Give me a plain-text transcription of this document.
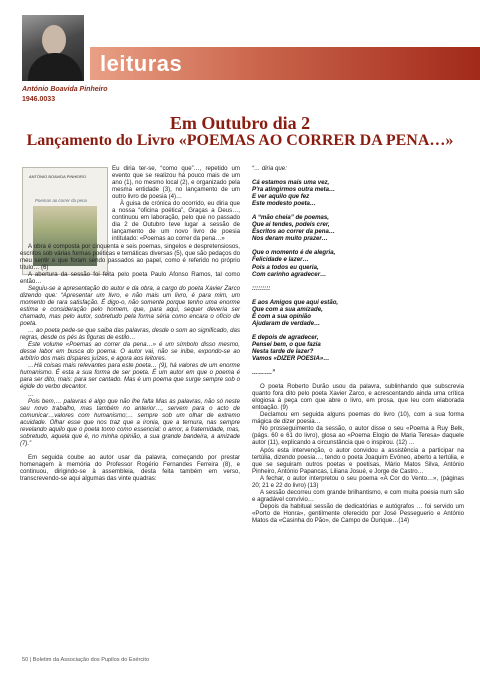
leituras
António Boavida Pinheiro
1946.0033
Em Outubro dia 2
Lançamento do Livro «POEMAS AO CORRER DA PENA…»
ANTÓNIO BOAVIDA PINHEIRO
Poemas ao correr da pena

Eu diria ter-se, “como que”…, repetido um evento que se realizou há pouco mais de um ano (1), no mesmo local (2), e organizado pela mesma entidade (3), no lançamento de um outro livro de poesia (4)…

À guisa de crónica do ocorrido, eu diria que a nossa “oficina poética”, Graças a Deus…, continuou em laboração, pelo que no passado dia 2 de Outubro teve lugar a sessão de lançamento de um novo livro de poesia intitulado: «Poemas ao correr da pena…»

A obra é composta por cinquenta e seis poemas, singelos e despretensiosos, escritos sob várias formas poéticas e temáticas diversas (5), que são pedaços do meu sentir e que foram sendo passados ao papel, como é referido no próprio título… (6)

A abertura da sessão foi feita pelo poeta Paulo Afonso Ramos, tal como então…

Seguiu-se a apresentação do autor e da obra, a cargo do poeta Xavier Zarco dizendo que: “Apresentar um livro, e não mais um livro, é para mim, um momento de rara satisfação. É digo-o, não somente porque tenho uma enorme estima e consideração pelo homem, que, para aqui, sequer deveria ser chamado, mas pelo autor, sobretudo pela forma séria como encara o ofício de poeta.

… ao poeta pede-se que saiba das palavras, desde o som ao significado, das regras, desde os pés às figuras de estilo…

Este volume «Poemas ao correr da pena…» é um símbolo disso mesmo, desse labor em busca do poema. O autor vai, não se inibe, expondo-se ao arbítrio dos mais díspares juízes, e agora aos leitores.

…Há coisas mais relevantes para este poeta… (9), há valores de um enorme humanismo. É esta a sua forma de ser poeta. É um autor em que o poema é para ser dito, mais: para ser cantado. Mas é um poema que surge sempre sob o égide do verbo decantor.

…

Pois bem,… palavras é algo que não lhe falta Mas as palavras, não só neste seu novo trabalho, mas também no anterior…, servem para o acto de comunicar…valores com humanismo;… sempre sob um olhar de extremo acuidade. Olhar esse que nos traz que a ironia, que a ternura, nas sempre revelando aquilo que o poeta tomo como essencial: o amor, a fraternidade, mas, sobretudo, aquela que é, no minha opinião, a sua grande bandeira, a amizade (7).”

Em seguida coube ao autor usar da palavra, começando por prestar homenagem à memória do Professor Rogério Fernandes Ferreira (8), e continuou, dirigindo-se à assembleia, desta feita também em verso, transcrevendo-se aqui algumas das vinte quadras:

“… diria que:

Cá estamos mais uma vez,
P'ra atingirmos outra meta…
E ver aquilo que fez
Este modesto poeta…

A “mão cheia” de poemas,
Que aí tendes, podeis crer,
Escritos ao correr da pena…
Nos deram muito prazer…

Que o momento é de alegria,
Felicidade e lazer…
Pois a todos eu queria,
Com carinho agradecer…

:::::::::

E aos Amigos que aqui estão,
Que com a sua amizade,
E com a sua opinião
Ajudaram de verdade…

E depois de agradecer,
Pensei bem, o que fazia
Nesta tarde de lazer?
Vamos «DIZER POESIA»…

……….”

O poeta Roberto Durão usou da palavra, sublinhando que subscrevia quanto fora dito pelo poeta Xavier Zarco, e acrescentando ainda uma crítica elogiosa à peça com que abre o livro, em prosa, que leu com elaborada entoação. (9)

Declamou em seguida alguns poemas do livro (10), com a sua forma mágica de dizer poesia…

No prosseguimento da sessão, o autor disse o seu «Poema a Ruy Belk, (págs. 60 e 61 do livro), glosa ao «Poema Elogio de Maria Teresa» daquele autor (11), explicando a circunstância que o inspirou. (12) …

Após esta intervenção, o autor convidou a assistência a participar na tertúlia, dizendo poesia…, tendo o poeta Joaquim Evóneo, aberto a tertúlia, e que se seguiram outros poetas e poetisas, Mário Matos Silva, António Pinheiro, António Papancas, Liliana Josué, e Jorge de Castro…

A fechar, o autor interpretou o seu poema «A Cor do Vento…», (páginas 20; 21 e 22 do livro) (13)

A sessão decorreu com grande brilhantismo, e com muita poesia num são e agradável convívio…

Depois da habitual sessão de dedicatórias e autógrafos … foi servido um «Porto de Honra», gentilmente oferecido por José Pesseguerio e António Matos da «Casinha do Pão», de Campo de Ourique…(14)

50 | Boletim da Associação dos Pupilos do Exército
